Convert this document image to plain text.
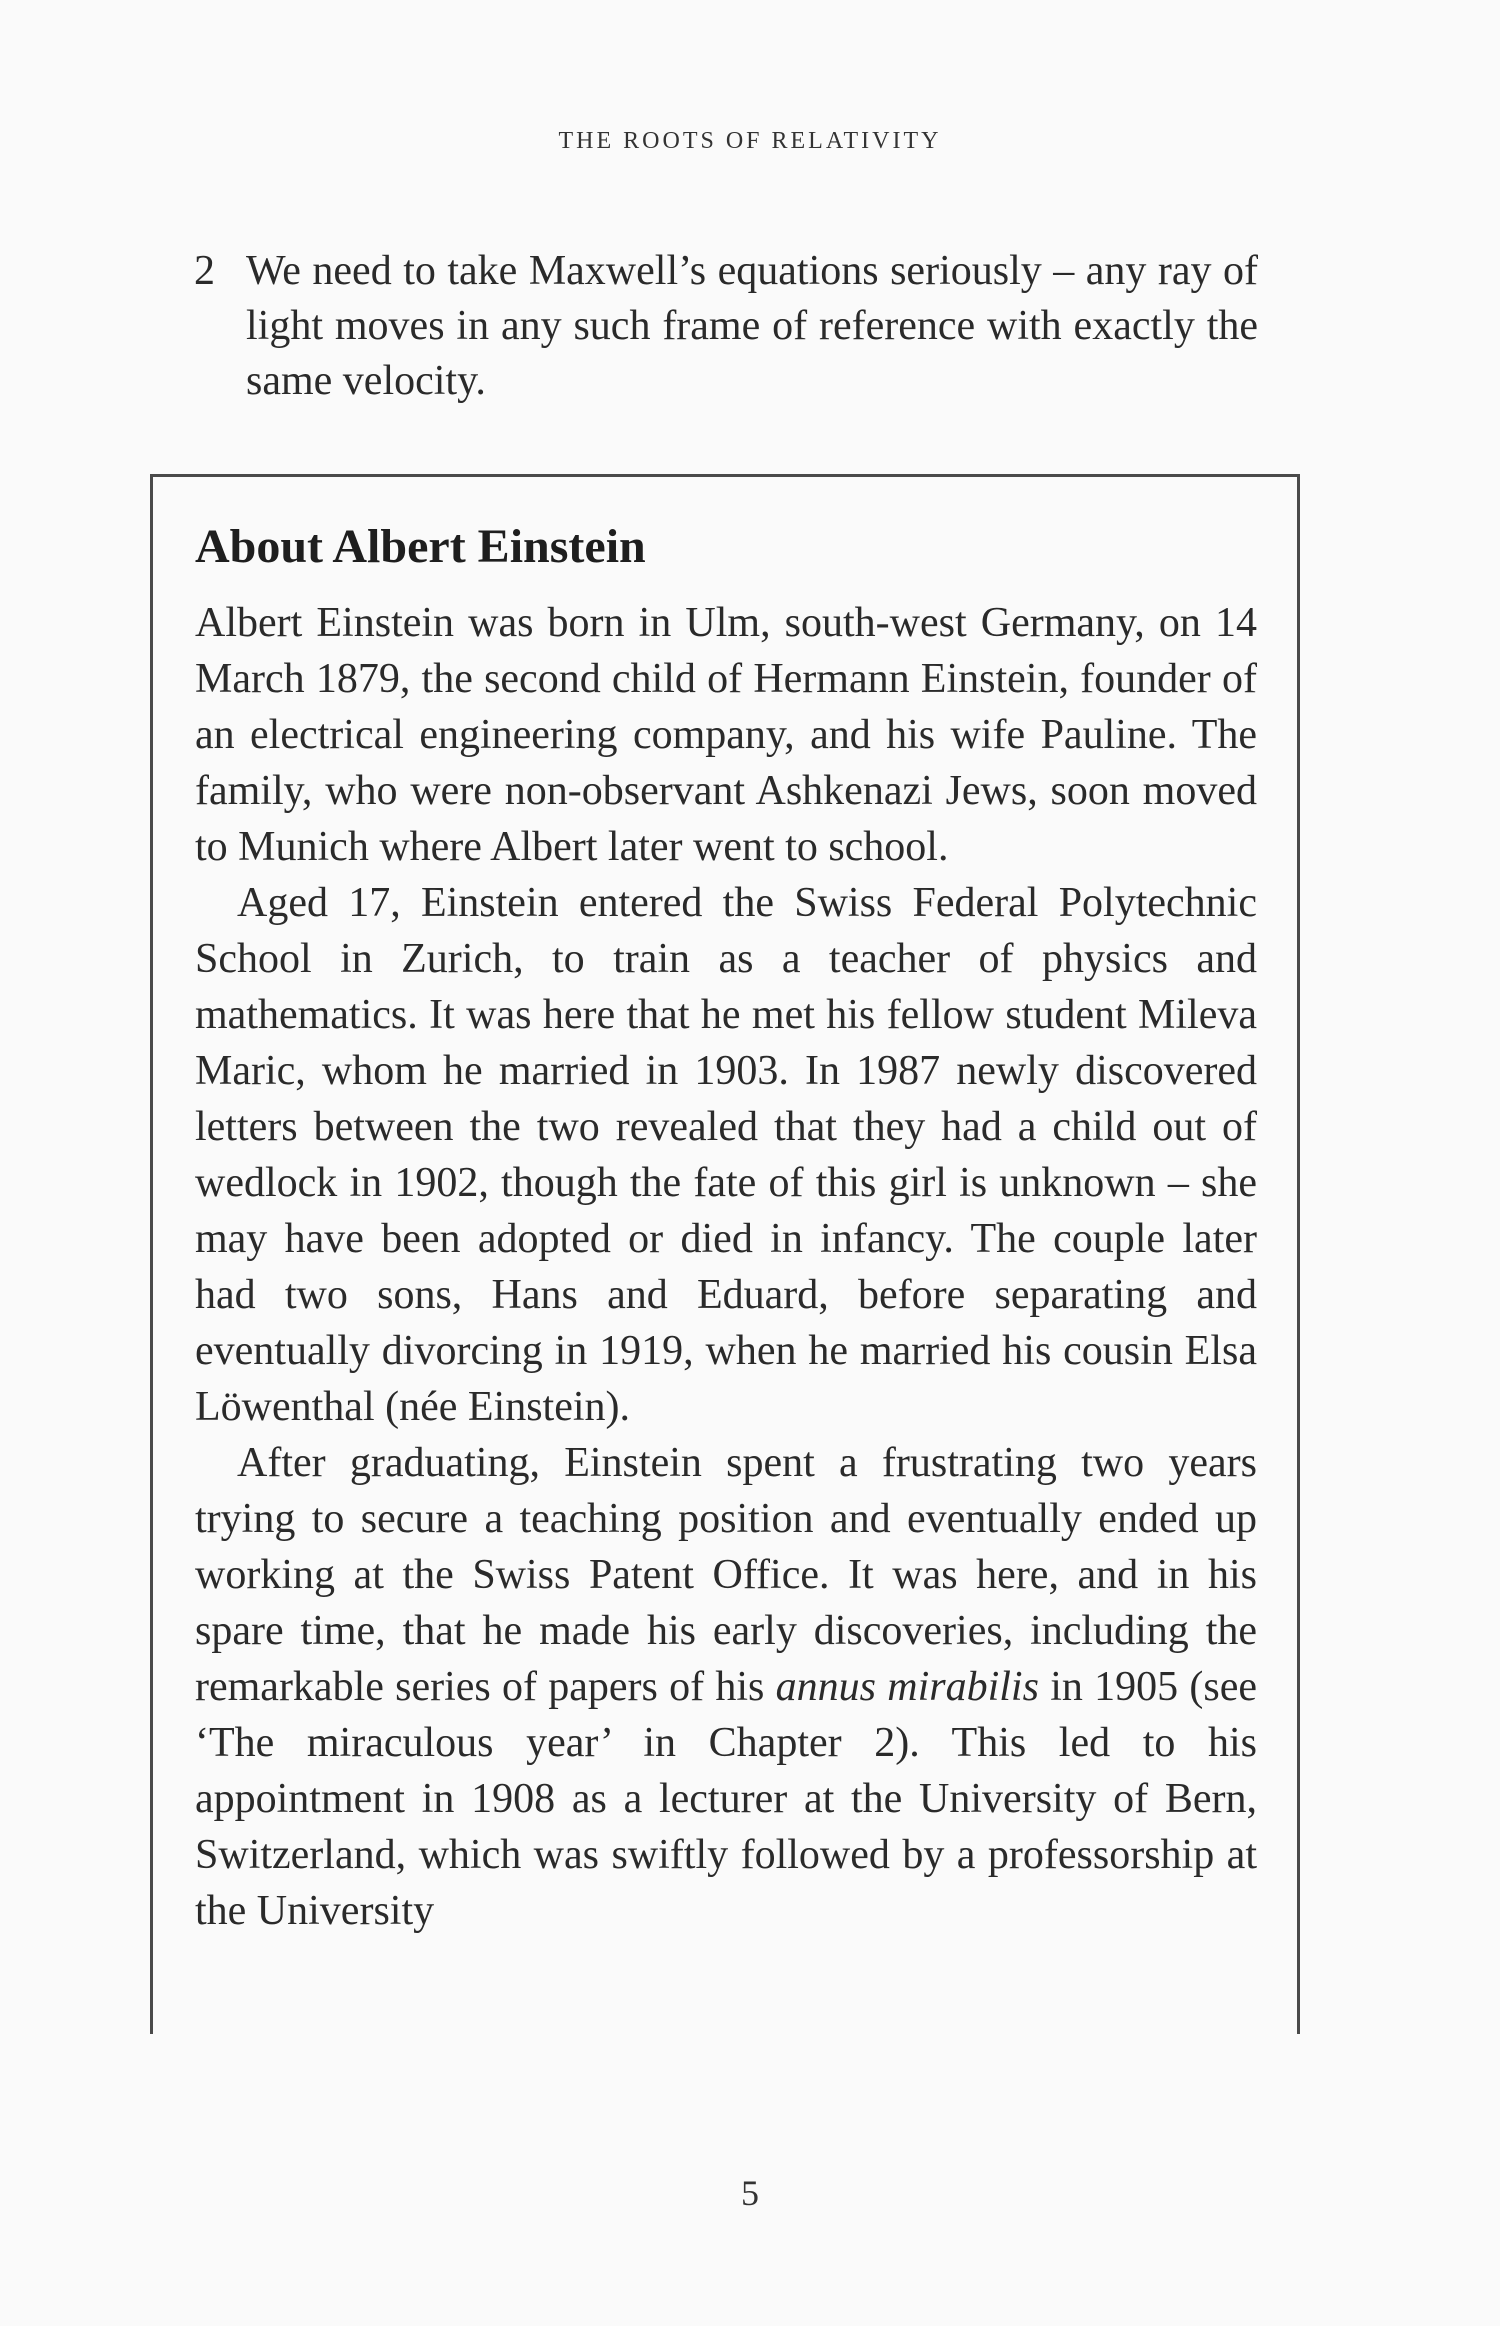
THE ROOTS OF RELATIVITY
2 We need to take Maxwell’s equations seriously – any ray of light moves in any such frame of reference with exactly the same velocity.
About Albert Einstein

Albert Einstein was born in Ulm, south-west Germany, on 14 March 1879, the second child of Hermann Einstein, founder of an electrical engineering company, and his wife Pauline. The family, who were non-observant Ashkenazi Jews, soon moved to Munich where Albert later went to school.

Aged 17, Einstein entered the Swiss Federal Polytechnic School in Zurich, to train as a teacher of physics and mathematics. It was here that he met his fellow student Mileva Maric, whom he married in 1903. In 1987 newly discovered letters between the two revealed that they had a child out of wedlock in 1902, though the fate of this girl is unknown – she may have been adopted or died in infancy. The couple later had two sons, Hans and Eduard, before separating and eventually divorcing in 1919, when he married his cousin Elsa Löwenthal (née Einstein).

After graduating, Einstein spent a frustrating two years trying to secure a teaching position and eventually ended up working at the Swiss Patent Office. It was here, and in his spare time, that he made his early discoveries, including the remarkable series of papers of his annus mirabilis in 1905 (see ‘The miraculous year’ in Chapter 2). This led to his appointment in 1908 as a lecturer at the University of Bern, Switzerland, which was swiftly followed by a professorship at the University

5
